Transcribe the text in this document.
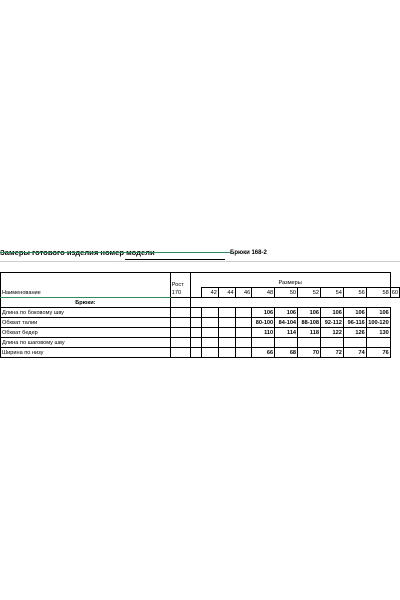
Замеры готового изделия номер модели	Брюки 168-2
Наименование	Рост 170	Размеры										
			42	44	46	48	50	52	54	56	58	60
Брюки:												
Длина по боковому шву						106	106	106	106	106	106	
Обхват талии						80-100	84-104	88-108	92-112	96-116	100-120	
Обхват бедер						110	114	118	122	126	130	
Длина по шаговому шву												
Ширина по низу						66	68	70	72	74	76	
